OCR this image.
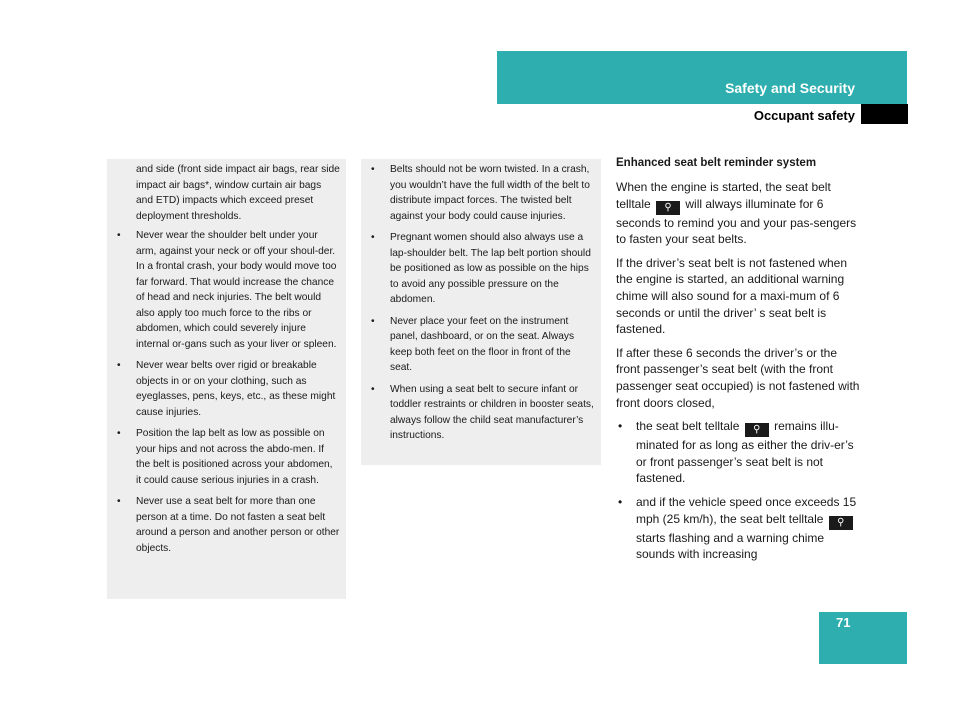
Safety and Security
Occupant safety

and side (front side impact air bags, rear side impact air bags*, window curtain air bags and ETD) impacts which exceed preset deployment thresholds.

• Never wear the shoulder belt under your arm, against your neck or off your shoul-der. In a frontal crash, your body would move too far forward. That would increase the chance of head and neck injuries. The belt would also apply too much force to the ribs or abdomen, which could severely injure internal or-gans such as your liver or spleen.
• Never wear belts over rigid or breakable objects in or on your clothing, such as eyeglasses, pens, keys, etc., as these might cause injuries.
• Position the lap belt as low as possible on your hips and not across the abdo-men. If the belt is positioned across your abdomen, it could cause serious injuries in a crash.
• Never use a seat belt for more than one person at a time. Do not fasten a seat belt around a person and another person or other objects.
• Belts should not be worn twisted. In a crash, you wouldn’t have the full width of the belt to distribute impact forces. The twisted belt against your body could cause injuries.
• Pregnant women should also always use a lap-shoulder belt. The lap belt portion should be positioned as low as possible on the hips to avoid any possible pressure on the abdomen.
• Never place your feet on the instrument panel, dashboard, or on the seat. Always keep both feet on the floor in front of the seat.
• When using a seat belt to secure infant or toddler restraints or children in booster seats, always follow the child seat manufacturer’s instructions.
Enhanced seat belt reminder system

When the engine is started, the seat belt telltale ⚲ will always illuminate for 6 seconds to remind you and your pas-sengers to fasten your seat belts.

If the driver’s seat belt is not fastened when the engine is started, an additional warning chime will also sound for a maxi-mum of 6 seconds or until the driver’ s seat belt is fastened.

If after these 6 seconds the driver’s or the front passenger’s seat belt (with the front passenger seat occupied) is not fastened with front doors closed,

• the seat belt telltale ⚲ remains illu-minated for as long as either the driv-er’s or front passenger’s seat belt is not fastened.
• and if the vehicle speed once exceeds 15 mph (25 km/h), the seat belt telltale ⚲ starts flashing and a warning chime sounds with increasing
71
